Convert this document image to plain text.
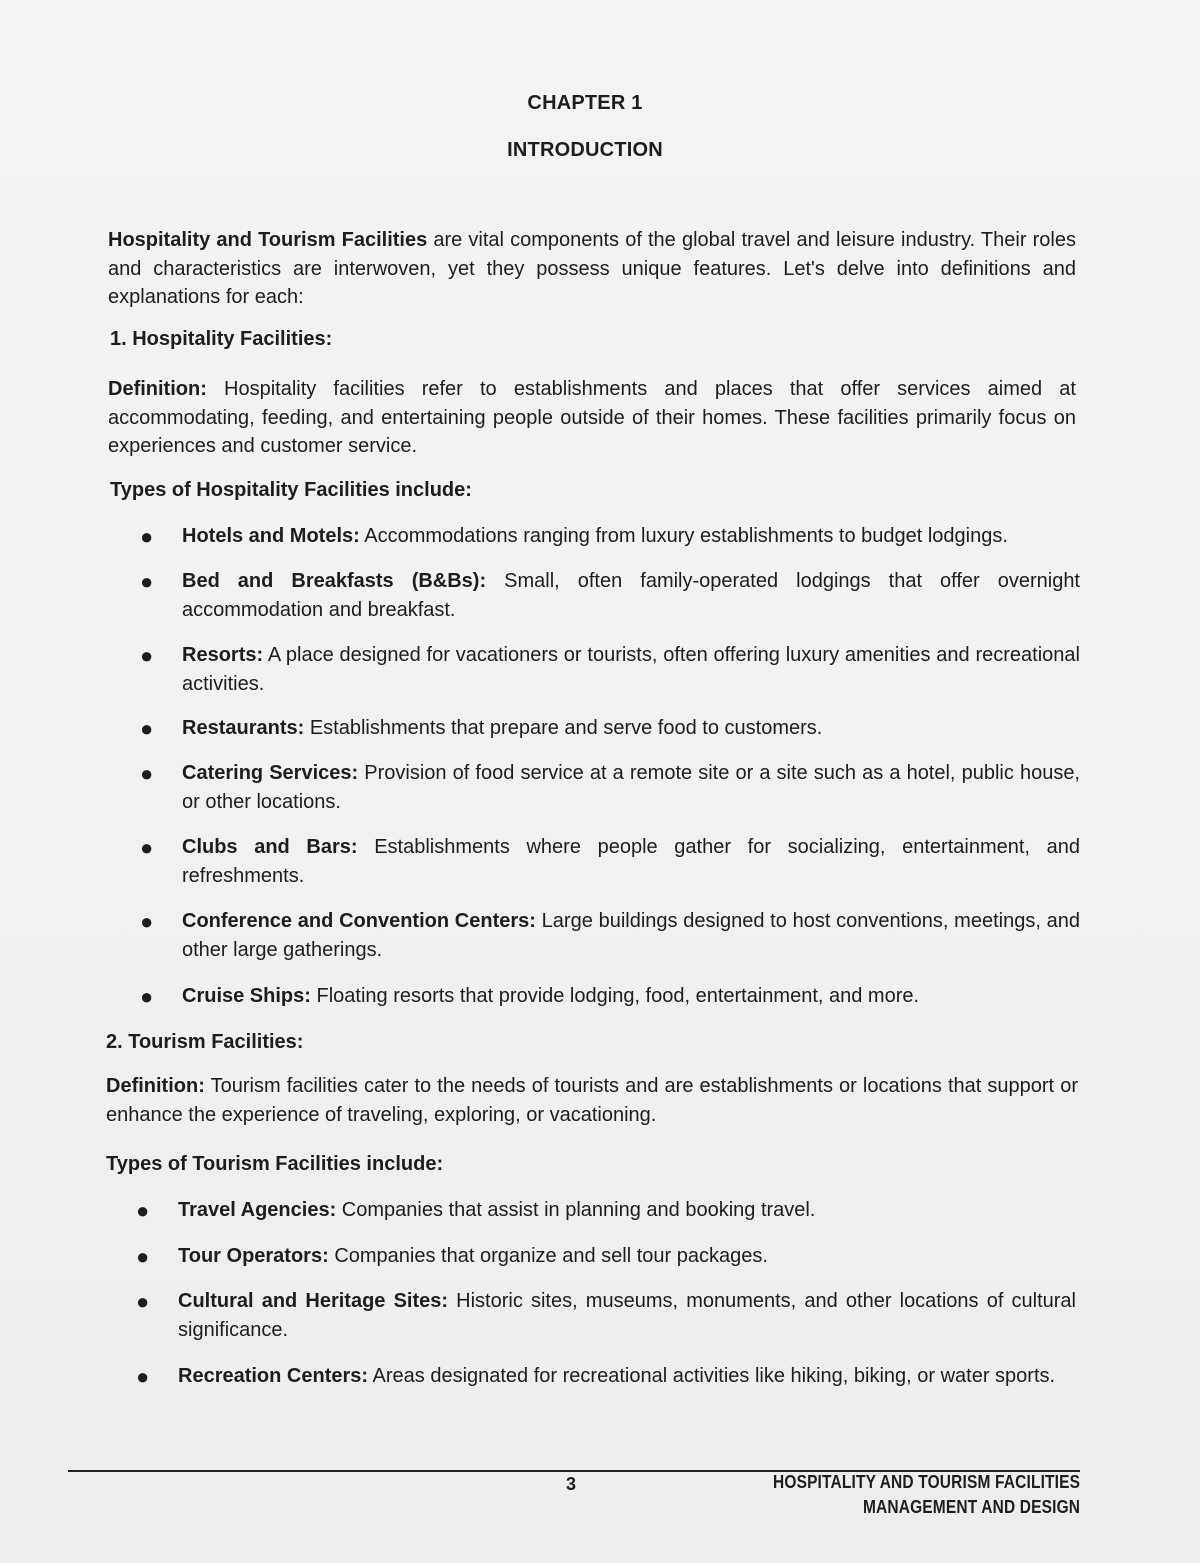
CHAPTER 1
INTRODUCTION
Hospitality and Tourism Facilities are vital components of the global travel and leisure industry. Their roles and characteristics are interwoven, yet they possess unique features. Let's delve into definitions and explanations for each:
1. Hospitality Facilities:
Definition: Hospitality facilities refer to establishments and places that offer services aimed at accommodating, feeding, and entertaining people outside of their homes. These facilities primarily focus on experiences and customer service.
Types of Hospitality Facilities include:
● Hotels and Motels: Accommodations ranging from luxury establishments to budget lodgings.
● Bed and Breakfasts (B&Bs): Small, often family-operated lodgings that offer overnight accommodation and breakfast.
● Resorts: A place designed for vacationers or tourists, often offering luxury amenities and recreational activities.
● Restaurants: Establishments that prepare and serve food to customers.
● Catering Services: Provision of food service at a remote site or a site such as a hotel, public house, or other locations.
● Clubs and Bars: Establishments where people gather for socializing, entertainment, and refreshments.
● Conference and Convention Centers: Large buildings designed to host conventions, meetings, and other large gatherings.
● Cruise Ships: Floating resorts that provide lodging, food, entertainment, and more.
2. Tourism Facilities:
Definition: Tourism facilities cater to the needs of tourists and are establishments or locations that support or enhance the experience of traveling, exploring, or vacationing.
Types of Tourism Facilities include:
● Travel Agencies: Companies that assist in planning and booking travel.
● Tour Operators: Companies that organize and sell tour packages.
● Cultural and Heritage Sites: Historic sites, museums, monuments, and other locations of cultural significance.
● Recreation Centers: Areas designated for recreational activities like hiking, biking, or water sports.
3	HOSPITALITY AND TOURISM FACILITIES
MANAGEMENT AND DESIGN
